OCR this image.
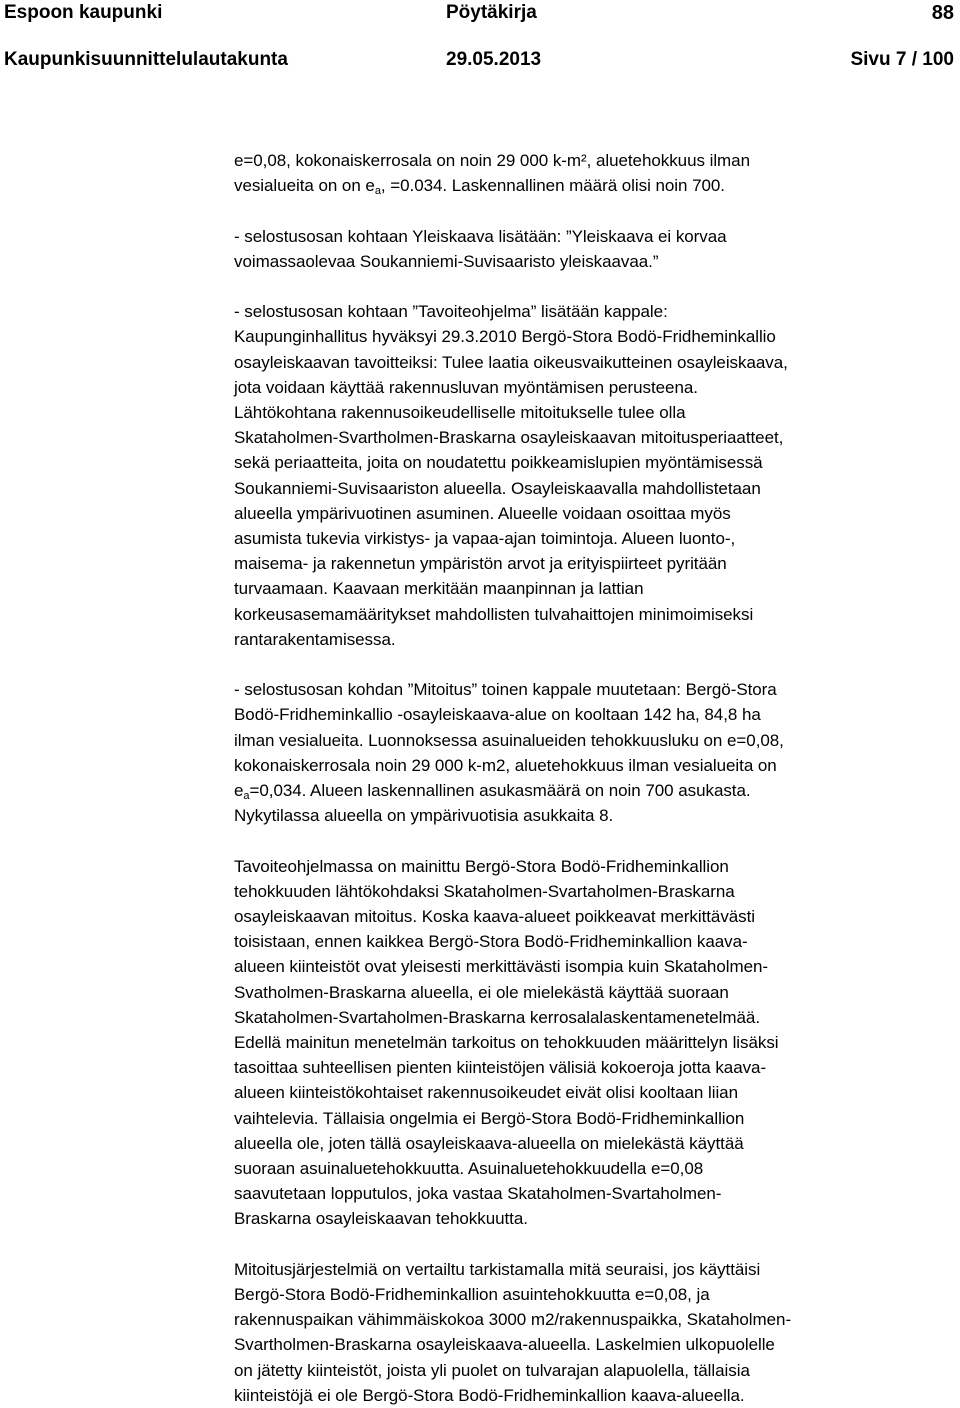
Espoon kaupunki	Pöytäkirja	88
Kaupunkisuunnittelulautakunta	29.05.2013	Sivu 7 / 100
e=0,08, kokonaiskerrosala on noin 29 000 k-m², aluetehokkuus ilman
vesialueita on on $e_a$, =0.034. Laskennallinen määrä olisi noin 700.
- selostusosan kohtaan Yleiskaava lisätään: ”Yleiskaava ei korvaa
voimassaolevaa Soukanniemi-Suvisaaristo yleiskaavaa.”
- selostusosan kohtaan ”Tavoiteohjelma” lisätään kappale:
Kaupunginhallitus hyväksyi 29.3.2010 Bergö-Stora Bodö-Fridheminkallio
osayleiskaavan tavoitteiksi: Tulee laatia oikeusvaikutteinen osayleiskaava,
jota voidaan käyttää rakennusluvan myöntämisen perusteena.
Lähtökohtana rakennusoikeudelliselle mitoitukselle tulee olla
Skataholmen-Svartholmen-Braskarna osayleiskaavan mitoitusperiaatteet,
sekä periaatteita, joita on noudatettu poikkeamislupien myöntämisessä
Soukanniemi-Suvisaariston alueella. Osayleiskaavalla mahdollistetaan
alueella ympärivuotinen asuminen. Alueelle voidaan osoittaa myös
asumista tukevia virkistys- ja vapaa-ajan toimintoja. Alueen luonto-,
maisema- ja rakennetun ympäristön arvot ja erityispiirteet pyritään
turvaamaan. Kaavaan merkitään maanpinnan ja lattian
korkeusasemamääritykset mahdollisten tulvahaittojen minimoimiseksi
rantarakentamisessa.
- selostusosan kohdan ”Mitoitus” toinen kappale muutetaan: Bergö-Stora
Bodö-Fridheminkallio -osayleiskaava-alue on kooltaan 142 ha, 84,8 ha
ilman vesialueita. Luonnoksessa asuinalueiden tehokkuusluku on e=0,08,
kokonaiskerrosala noin 29 000 k-m2, aluetehokkuus ilman vesialueita on
$e_a=0,034$. Alueen laskennallinen asukasmäärä on noin 700 asukasta.
Nykytilassa alueella on ympärivuotisia asukkaita 8.
Tavoiteohjelmassa on mainittu Bergö-Stora Bodö-Fridheminkallion
tehokkuuden lähtökohdaksi Skataholmen-Svartaholmen-Braskarna
osayleiskaavan mitoitus. Koska kaava-alueet poikkeavat merkittävästi
toisistaan, ennen kaikkea Bergö-Stora Bodö-Fridheminkallion kaava-
alueen kiinteistöt ovat yleisesti merkittävästi isompia kuin Skataholmen-
Svatholmen-Braskarna alueella, ei ole mielekästä käyttää suoraan
Skataholmen-Svartaholmen-Braskarna kerrosalalaskentamenetelmää.
Edellä mainitun menetelmän tarkoitus on tehokkuuden määrittelyn lisäksi
tasoittaa suhteellisen pienten kiinteistöjen välisiä kokoeroja jotta kaava-
alueen kiinteistökohtaiset rakennusoikeudet eivät olisi kooltaan liian
vaihtelevia. Tällaisia ongelmia ei Bergö-Stora Bodö-Fridheminkallion
alueella ole, joten tällä osayleiskaava-alueella on mielekästä käyttää
suoraan asuinaluetehokkuutta. Asuinaluetehokkuudella e=0,08
saavutetaan lopputulos, joka vastaa Skataholmen-Svartaholmen-
Braskarna osayleiskaavan tehokkuutta.
Mitoitusjärjestelmiä on vertailtu tarkistamalla mitä seuraisi, jos käyttäisi
Bergö-Stora Bodö-Fridheminkallion asuintehokkuutta e=0,08, ja
rakennuspaikan vähimmäiskokoa 3000 m2/rakennuspaikka, Skataholmen-
Svartholmen-Braskarna osayleiskaava-alueella. Laskelmien ulkopuolelle
on jätetty kiinteistöt, joista yli puolet on tulvarajan alapuolella, tällaisia
kiinteistöjä ei ole Bergö-Stora Bodö-Fridheminkallion kaava-alueella.
